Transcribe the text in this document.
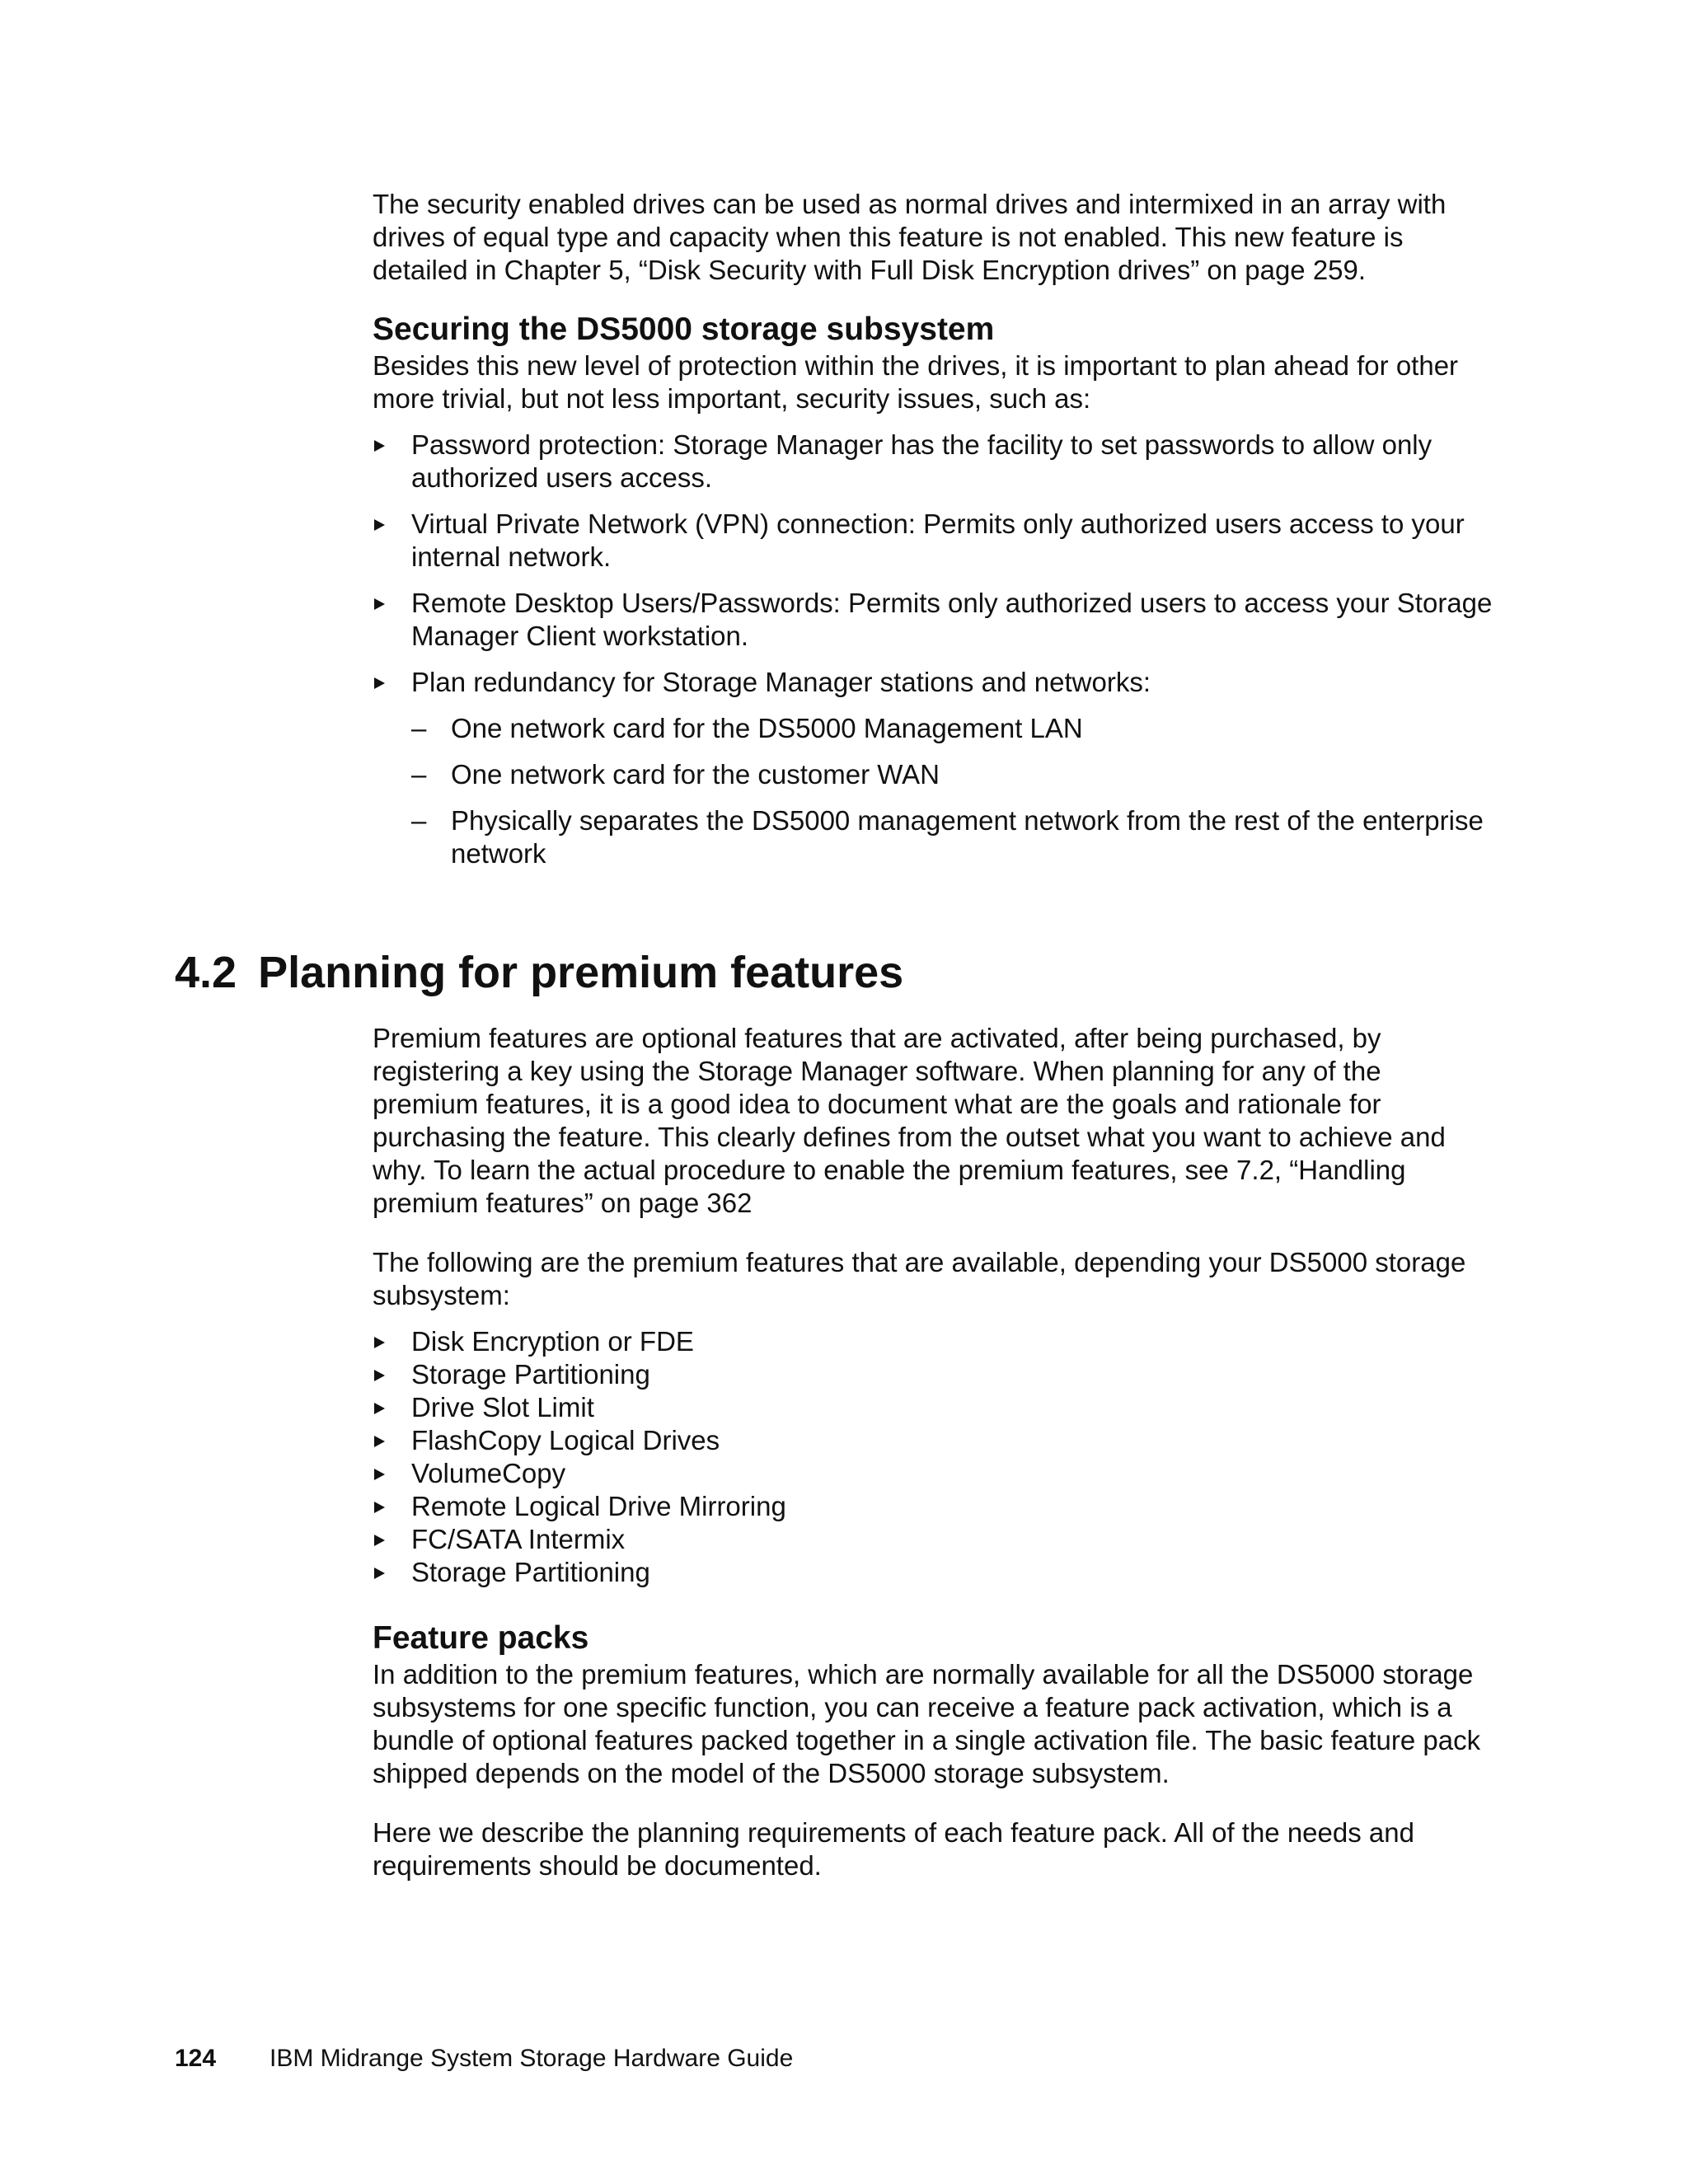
The security enabled drives can be used as normal drives and intermixed in an array with drives of equal type and capacity when this feature is not enabled. This new feature is detailed in Chapter 5, “Disk Security with Full Disk Encryption drives” on page 259.

Securing the DS5000 storage subsystem

Besides this new level of protection within the drives, it is important to plan ahead for other more trivial, but not less important, security issues, such as:

Password protection: Storage Manager has the facility to set passwords to allow only authorized users access.
Virtual Private Network (VPN) connection: Permits only authorized users access to your internal network.
Remote Desktop Users/Passwords: Permits only authorized users to access your Storage Manager Client workstation.
Plan redundancy for Storage Manager stations and networks:
– One network card for the DS5000 Management LAN
– One network card for the customer WAN
– Physically separates the DS5000 management network from the rest of the enterprise network
4.2 Planning for premium features

Premium features are optional features that are activated, after being purchased, by registering a key using the Storage Manager software. When planning for any of the premium features, it is a good idea to document what are the goals and rationale for purchasing the feature. This clearly defines from the outset what you want to achieve and why. To learn the actual procedure to enable the premium features, see 7.2, “Handling premium features” on page 362

The following are the premium features that are available, depending your DS5000 storage subsystem:

Disk Encryption or FDE
Storage Partitioning
Drive Slot Limit
FlashCopy Logical Drives
VolumeCopy
Remote Logical Drive Mirroring
FC/SATA Intermix
Storage Partitioning
Feature packs

In addition to the premium features, which are normally available for all the DS5000 storage subsystems for one specific function, you can receive a feature pack activation, which is a bundle of optional features packed together in a single activation file. The basic feature pack shipped depends on the model of the DS5000 storage subsystem.

Here we describe the planning requirements of each feature pack. All of the needs and requirements should be documented.

124 IBM Midrange System Storage Hardware Guide
